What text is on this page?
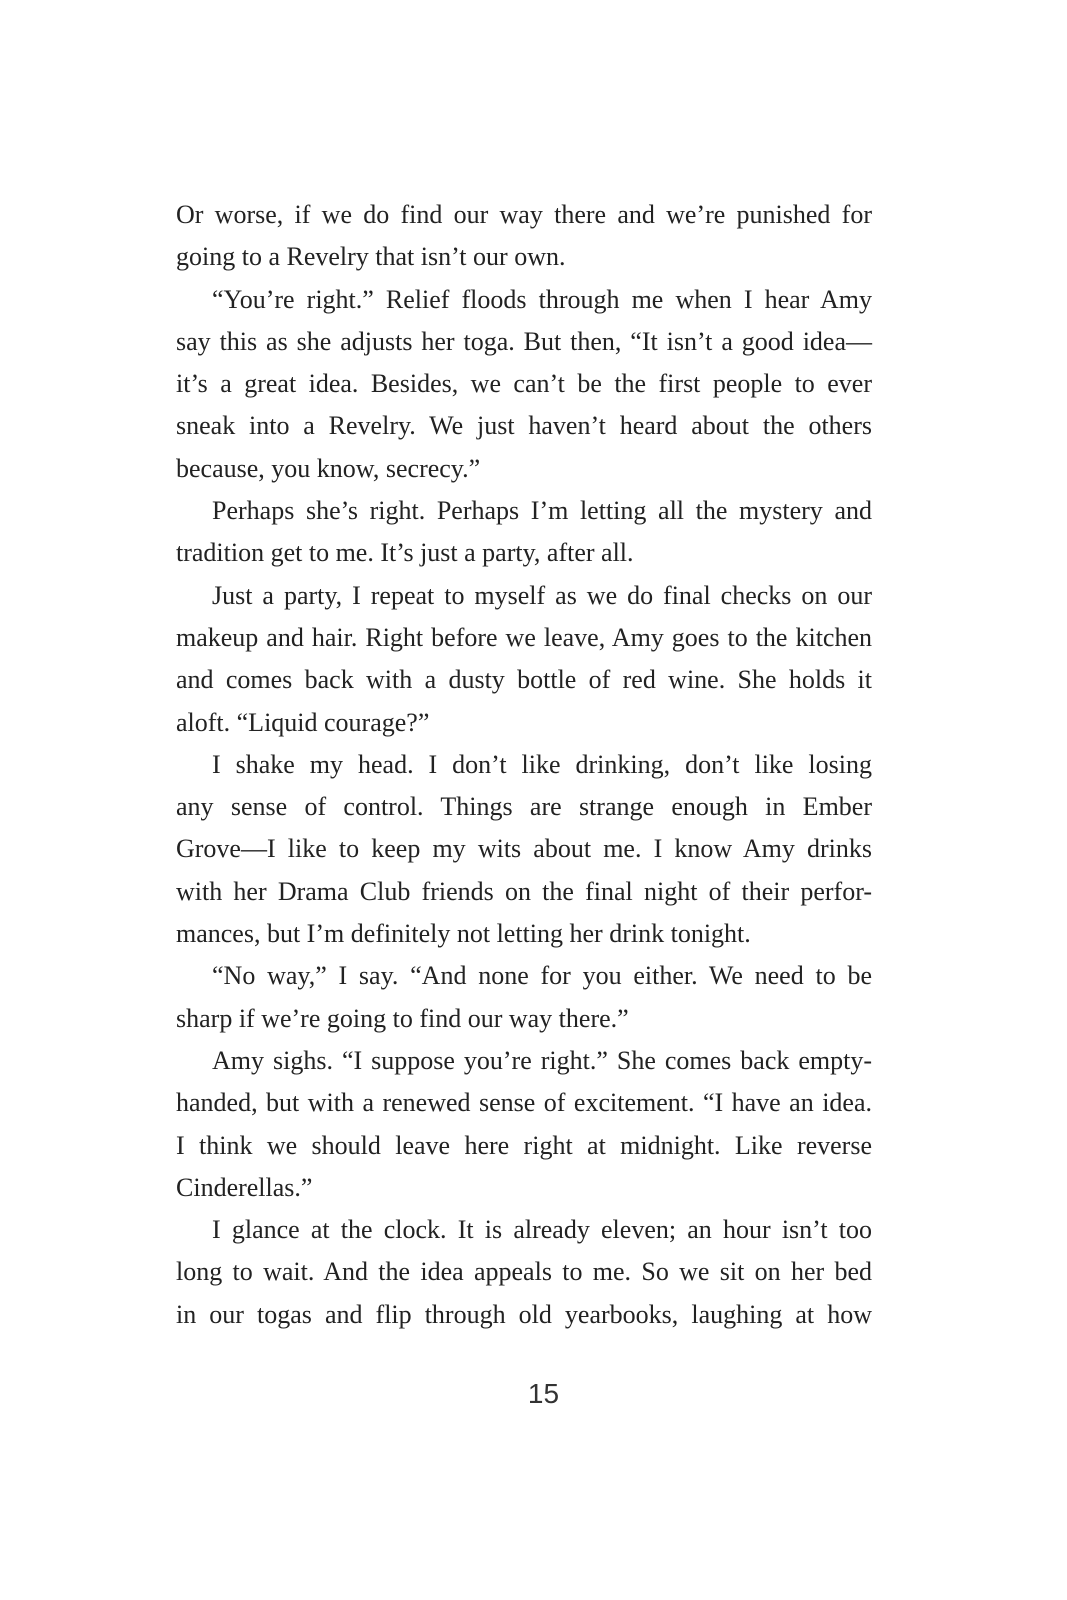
Or worse, if we do find our way there and we’re punished for
going to a Revelry that isn’t our own.
“You’re right.” Relief floods through me when I hear Amy
say this as she adjusts her toga. But then, “It isn’t a good idea—
it’s a great idea. Besides, we can’t be the first people to ever
sneak into a Revelry. We just haven’t heard about the others
because, you know, secrecy.”
Perhaps she’s right. Perhaps I’m letting all the mystery and
tradition get to me. It’s just a party, after all.
Just a party, I repeat to myself as we do final checks on our
makeup and hair. Right before we leave, Amy goes to the kitchen
and comes back with a dusty bottle of red wine. She holds it
aloft. “Liquid courage?”
I shake my head. I don’t like drinking, don’t like losing
any sense of control. Things are strange enough in Ember
Grove—I like to keep my wits about me. I know Amy drinks
with her Drama Club friends on the final night of their perfor-
mances, but I’m definitely not letting her drink tonight.
“No way,” I say. “And none for you either. We need to be
sharp if we’re going to find our way there.”
Amy sighs. “I suppose you’re right.” She comes back empty-
handed, but with a renewed sense of excitement. “I have an idea.
I think we should leave here right at midnight. Like reverse
Cinderellas.”
I glance at the clock. It is already eleven; an hour isn’t too
long to wait. And the idea appeals to me. So we sit on her bed
in our togas and flip through old yearbooks, laughing at how
15
